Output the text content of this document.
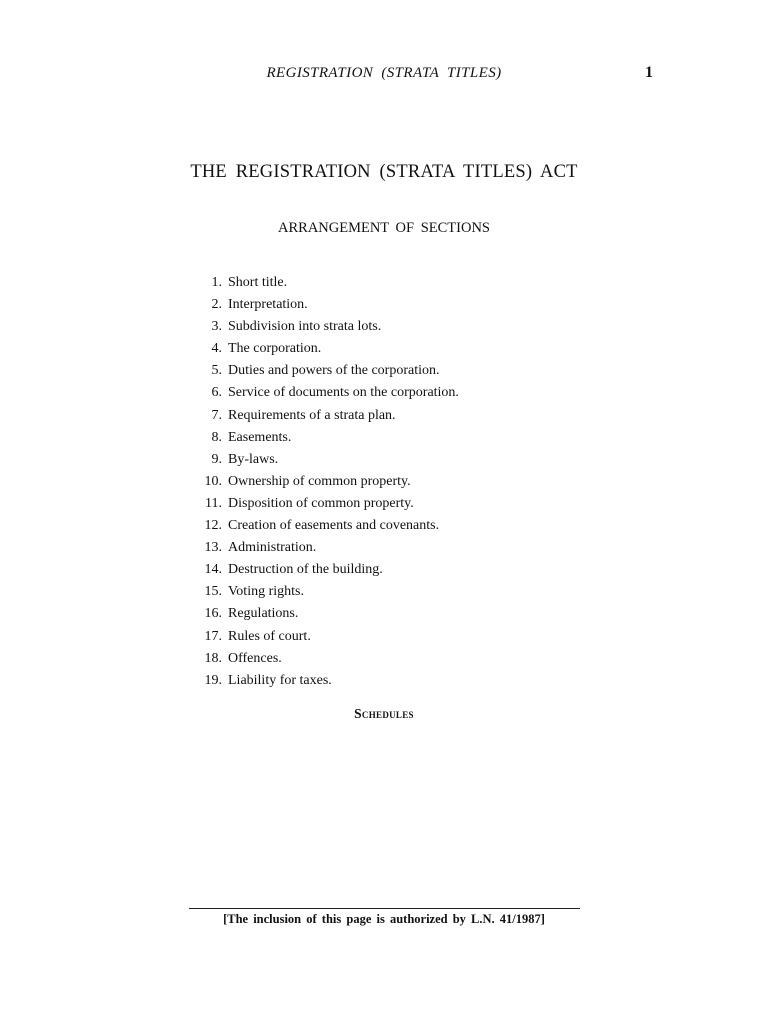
REGISTRATION (STRATA TITLES)	1
THE REGISTRATION (STRATA TITLES) ACT
ARRANGEMENT OF SECTIONS
1. Short title.
2. Interpretation.
3. Subdivision into strata lots.
4. The corporation.
5. Duties and powers of the corporation.
6. Service of documents on the corporation.
7. Requirements of a strata plan.
8. Easements.
9. By-laws.
10. Ownership of common property.
11. Disposition of common property.
12. Creation of easements and covenants.
13. Administration.
14. Destruction of the building.
15. Voting rights.
16. Regulations.
17. Rules of court.
18. Offences.
19. Liability for taxes.
Schedules
[The inclusion of this page is authorized by L.N. 41/1987]
